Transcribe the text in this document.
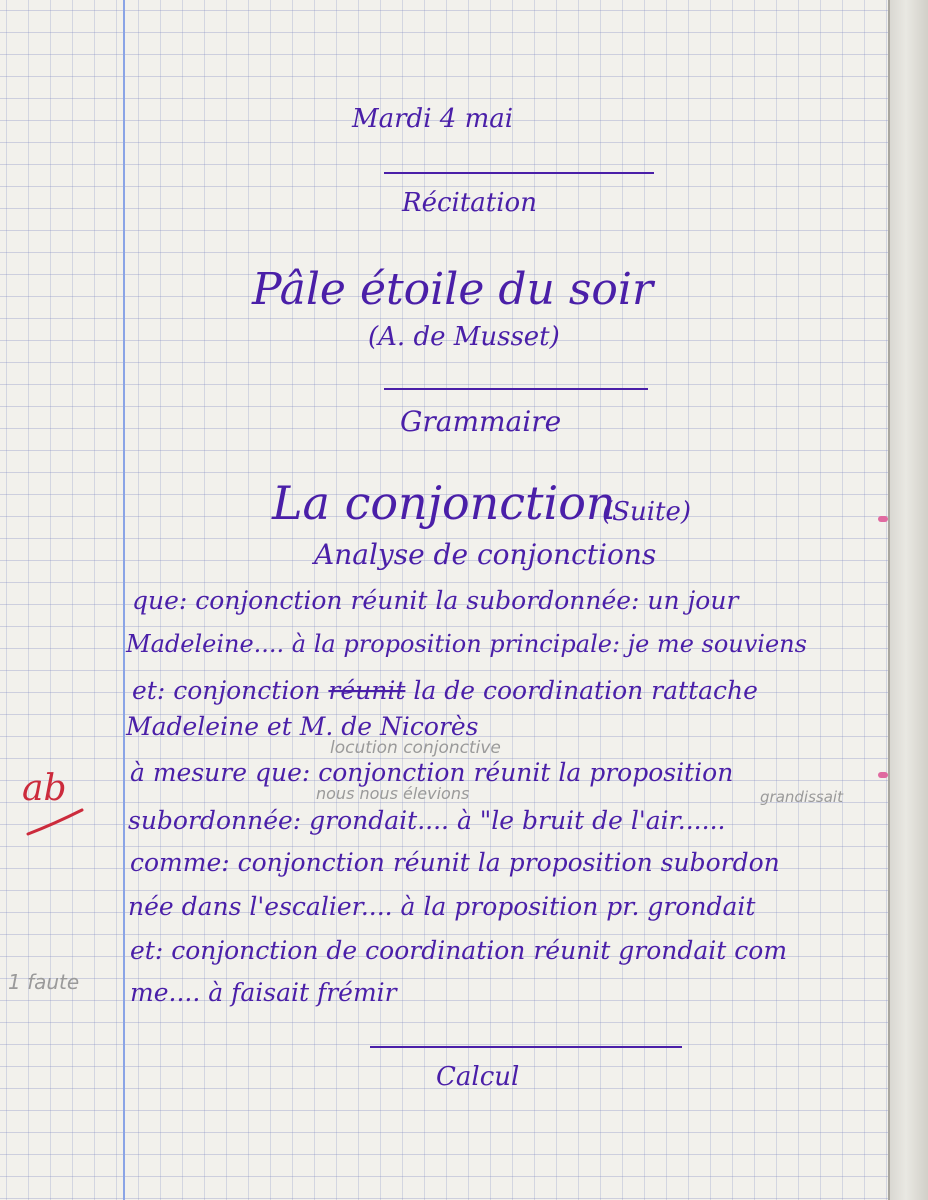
Mardi 4 mai
Récitation
Pâle étoile du soir
(A. de Musset)
Grammaire
La conjonction
(Suite)
Analyse de conjonctions
que: conjonction réunit la subordonnée: un jour
Madeleine.... à la proposition principale: je me souviens
et: conjonction réunit la de coordination rattache
Madeleine et M. de Nicorès
locution conjonctive
à mesure que: conjonction réunit la proposition
nous nous élevions	grandissait
subordonnée: grondait.... à "le bruit de l'air......
comme: conjonction réunit la proposition subordon
née dans l'escalier.... à la proposition pr. grondait
et: conjonction de coordination réunit grondait com
1 faute me.... à faisait frémir
ab
Calcul
